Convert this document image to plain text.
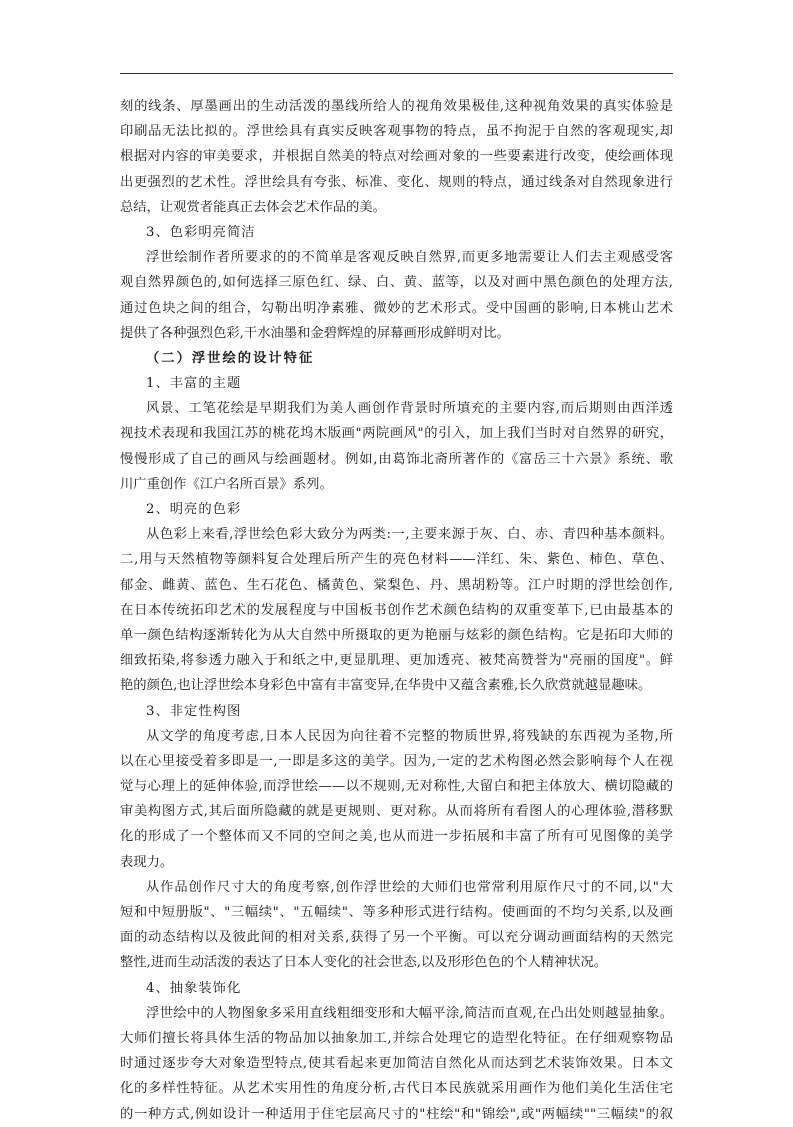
刻的线条、厚墨画出的生动活泼的墨线所给人的视角效果极佳,这种视角效果的真实体验是
印刷品无法比拟的。浮世绘具有真实反映客观事物的特点，虽不拘泥于自然的客观现实,却
根据对内容的审美要求，并根据自然美的特点对绘画对象的一些要素进行改变，使绘画体现
出更强烈的艺术性。浮世绘具有夸张、标准、变化、规则的特点，通过线条对自然现象进行
总结，让观赏者能真正去体会艺术作品的美。
3、色彩明亮简洁
浮世绘制作者所要求的的不简单是客观反映自然界,而更多地需要让人们去主观感受客
观自然界颜色的,如何选择三原色红、绿、白、黄、蓝等，以及对画中黑色颜色的处理方法,
通过色块之间的组合，勾勒出明净素雅、微妙的艺术形式。受中国画的影响,日本桃山艺术
提供了各种强烈色彩,干水油墨和金碧辉煌的屏幕画形成鲜明对比。
（二）浮世绘的设计特征
1、丰富的主题
风景、工笔花绘是早期我们为美人画创作背景时所填充的主要内容,而后期则由西洋透
视技术表现和我国江苏的桃花坞木版画"两院画风"的引入，加上我们当时对自然界的研究，
慢慢形成了自己的画风与绘画题材。例如,由葛饰北斋所著作的《富岳三十六景》系统、歌
川广重创作《江户名所百景》系列。
2、明亮的色彩
从色彩上来看,浮世绘色彩大致分为两类:一,主要来源于灰、白、赤、青四种基本颜料。
二,用与天然植物等颜料复合处理后所产生的亮色材料——洋红、朱、紫色、柿色、草色、
郁金、雌黄、蓝色、生石花色、橘黄色、棠梨色、丹、黑胡粉等。江户时期的浮世绘创作,
在日本传统拓印艺术的发展程度与中国板书创作艺术颜色结构的双重变革下,已由最基本的
单一颜色结构逐渐转化为从大自然中所摄取的更为艳丽与炫彩的颜色结构。它是拓印大师的
细致拓染,将参透力融入于和纸之中,更显肌理、更加透亮、被梵高赞誉为"亮丽的国度"。鲜
艳的颜色,也让浮世绘本身彩色中富有丰富变异,在华贵中又蕴含素雅,长久欣赏就越显趣味。
3、非定性构图
从文学的角度考虑,日本人民因为向往着不完整的物质世界,将残缺的东西视为圣物,所
以在心里接受着多即是一,一即是多这的美学。因为,一定的艺术构图必然会影响每个人在视
觉与心理上的延伸体验,而浮世绘——以不规则,无对称性,大留白和把主体放大、横切隐藏的
审美构图方式,其后面所隐藏的就是更规则、更对称。从而将所有看图人的心理体验,潜移默
化的形成了一个整体而又不同的空间之美,也从而进一步拓展和丰富了所有可见图像的美学
表现力。
从作品创作尺寸大的角度考察,创作浮世绘的大师们也常常利用原作尺寸的不同,以"大
短和中短册版"、"三幅续"、"五幅续"、等多种形式进行结构。使画面的不均匀关系,以及画
面的动态结构以及彼此间的相对关系,获得了另一个平衡。可以充分调动画面结构的天然完
整性,进而生动活泼的表达了日本人变化的社会世态,以及形形色色的个人精神状况。
4、抽象装饰化
浮世绘中的人物图象多采用直线粗细变形和大幅平涂,简洁而直观,在凸出处则越显抽象。
大师们擅长将具体生活的物品加以抽象加工,并综合处理它的造型化特征。在仔细观察物品
时通过逐步夸大对象造型特点,使其看起来更加简洁自然化从而达到艺术装饰效果。日本文
化的多样性特征。从艺术实用性的角度分析,古代日本民族就采用画作为他们美化生活住宅
的一种方式,例如设计一种适用于住宅层高尺寸的"柱绘"和"锦绘",或"两幅续""三幅续"的叙
